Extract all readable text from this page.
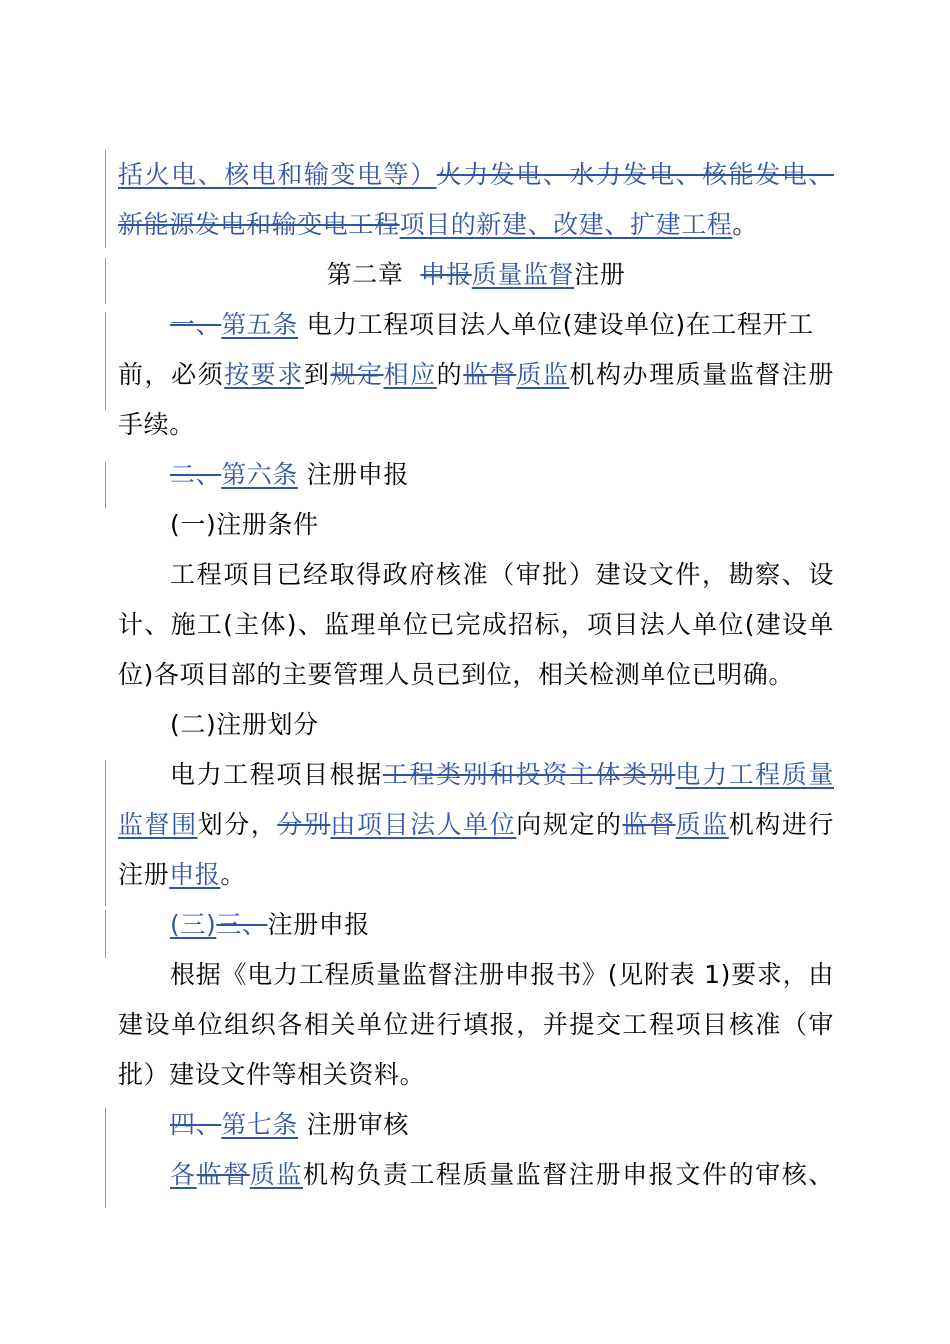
括火电、核电和输变电等）火力发电、水力发电、核能发电、
新能源发电和输变电工程项目的新建、改建、扩建工程。
第二章 申报质量监督注册
一、第五条 电力工程项目法人单位(建设单位)在工程开工
前，必须按要求到规定相应的监督质监机构办理质量监督注册
手续。
二、第六条 注册申报
(一)注册条件
工程项目已经取得政府核准（审批）建设文件，勘察、设
计、施工(主体)、监理单位已完成招标，项目法人单位(建设单
位)各项目部的主要管理人员已到位，相关检测单位已明确。
(二)注册划分
电力工程项目根据工程类别和投资主体类别电力工程质量
监督围划分，分别由项目法人单位向规定的监督质监机构进行
注册申报。
(三)三、注册申报
根据《电力工程质量监督注册申报书》(见附表 1)要求，由
建设单位组织各相关单位进行填报，并提交工程项目核准（审
批）建设文件等相关资料。
四、第七条 注册审核
各监督质监机构负责工程质量监督注册申报文件的审核、
